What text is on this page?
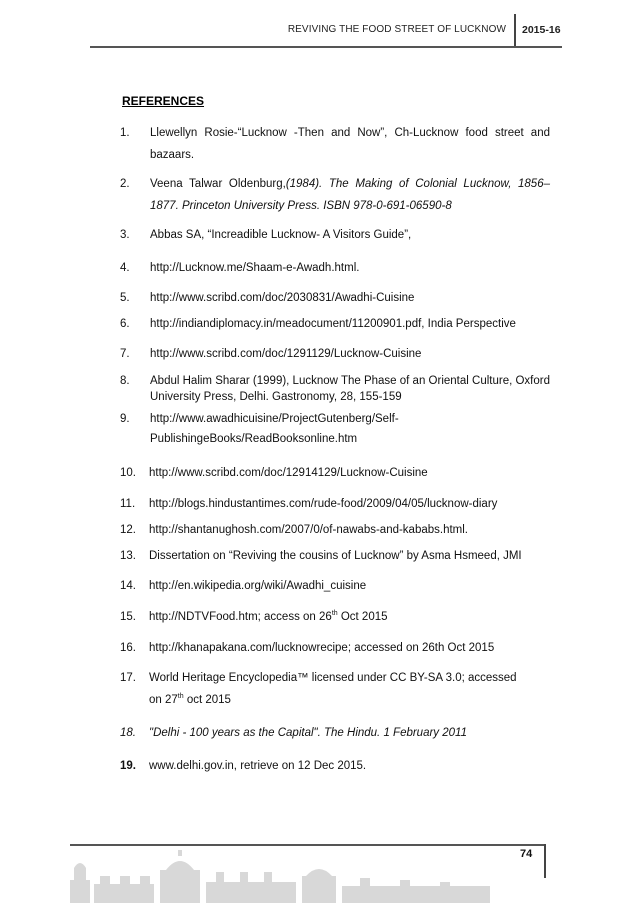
REVIVING THE FOOD STREET OF LUCKNOW 2015-16
REFERENCES
1. Llewellyn Rosie-“Lucknow -Then and Now”, Ch-Lucknow food street and bazaars.
2. Veena Talwar Oldenburg,(1984). The Making of Colonial Lucknow, 1856–1877. Princeton University Press. ISBN 978-0-691-06590-8
3. Abbas SA, “Increadible Lucknow- A Visitors Guide”,
4. http://Lucknow.me/Shaam-e-Awadh.html.
5. http://www.scribd.com/doc/2030831/Awadhi-Cuisine
6. http://indiandiplomacy.in/meadocument/11200901.pdf, India Perspective
7. http://www.scribd.com/doc/1291129/Lucknow-Cuisine
8. Abdul Halim Sharar (1999), Lucknow The Phase of an Oriental Culture, Oxford University Press, Delhi. Gastronomy, 28, 155-159
9. http://www.awadhicuisine/ProjectGutenberg/Self-
PublishingeBooks/ReadBooksonline.htm
10. http://www.scribd.com/doc/12914129/Lucknow-Cuisine
11. http://blogs.hindustantimes.com/rude-food/2009/04/05/lucknow-diary
12. http://shantanughosh.com/2007/0/of-nawabs-and-kababs.html.
13. Dissertation on “Reviving the cousins of Lucknow” by Asma Hsmeed, JMI
14. http://en.wikipedia.org/wiki/Awadhi_cuisine
15. http://NDTVFood.htm; access on 26th Oct 2015
16. http://khanapakana.com/lucknowrecipe; accessed on 26th Oct 2015
17. World Heritage Encyclopedia™ licensed under CC BY-SA 3.0; accessed
on 27th oct 2015
18. "Delhi - 100 years as the Capital". The Hindu. 1 February 2011
19. www.delhi.gov.in, retrieve on 12 Dec 2015.
74
